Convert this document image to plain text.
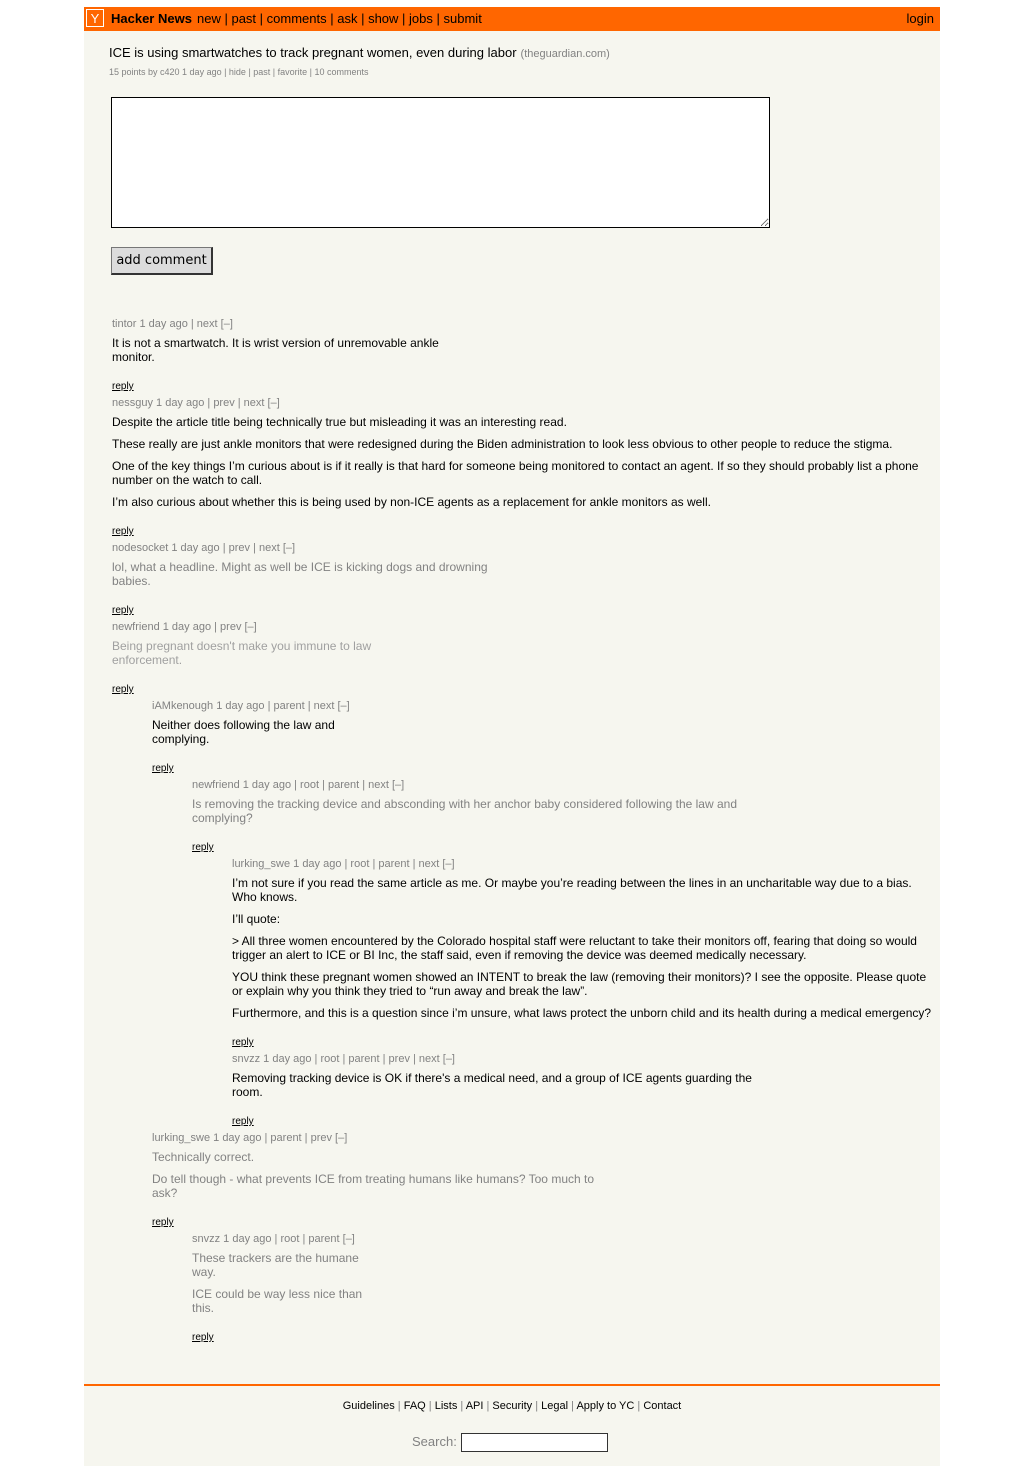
Y Hacker News new | past | comments | ask | show | jobs | submit	login
ICE is using smartwatches to track pregnant women, even during labor (theguardian.com)
15 points by c420 1 day ago | hide | past | favorite | 10 comments
add comment
tintor 1 day ago | next [–]

It is not a smartwatch. It is wrist version of unremovable ankle monitor.

reply
nessguy 1 day ago | prev | next [–]

Despite the article title being technically true but misleading it was an interesting read.

These really are just ankle monitors that were redesigned during the Biden administration to look less obvious to other people to reduce the stigma.

One of the key things I’m curious about is if it really is that hard for someone being monitored to contact an agent. If so they should probably list a phone number on the watch to call.

I’m also curious about whether this is being used by non-ICE agents as a replacement for ankle monitors as well.

reply
nodesocket 1 day ago | prev | next [–]

lol, what a headline. Might as well be ICE is kicking dogs and drowning babies.

reply
newfriend 1 day ago | prev [–]

Being pregnant doesn't make you immune to law enforcement.

reply
iAMkenough 1 day ago | parent | next [–]

Neither does following the law and complying.

reply
newfriend 1 day ago | root | parent | next [–]

Is removing the tracking device and absconding with her anchor baby considered following the law and complying?

reply
lurking_swe 1 day ago | root | parent | next [–]

I’m not sure if you read the same article as me. Or maybe you’re reading between the lines in an uncharitable way due to a bias. Who knows.

I’ll quote:

> All three women encountered by the Colorado hospital staff were reluctant to take their monitors off, fearing that doing so would trigger an alert to ICE or BI Inc, the staff said, even if removing the device was deemed medically necessary.

YOU think these pregnant women showed an INTENT to break the law (removing their monitors)? I see the opposite. Please quote or explain why you think they tried to “run away and break the law”.

Furthermore, and this is a question since i’m unsure, what laws protect the unborn child and its health during a medical emergency?

reply
snvzz 1 day ago | root | parent | prev | next [–]

Removing tracking device is OK if there's a medical need, and a group of ICE agents guarding the room.

reply
lurking_swe 1 day ago | parent | prev [–]

Technically correct.

Do tell though - what prevents ICE from treating humans like humans? Too much to ask?

reply
snvzz 1 day ago | root | parent [–]

These trackers are the humane way.

ICE could be way less nice than this.

reply
Guidelines | FAQ | Lists | API | Security | Legal | Apply to YC | Contact
Search:
